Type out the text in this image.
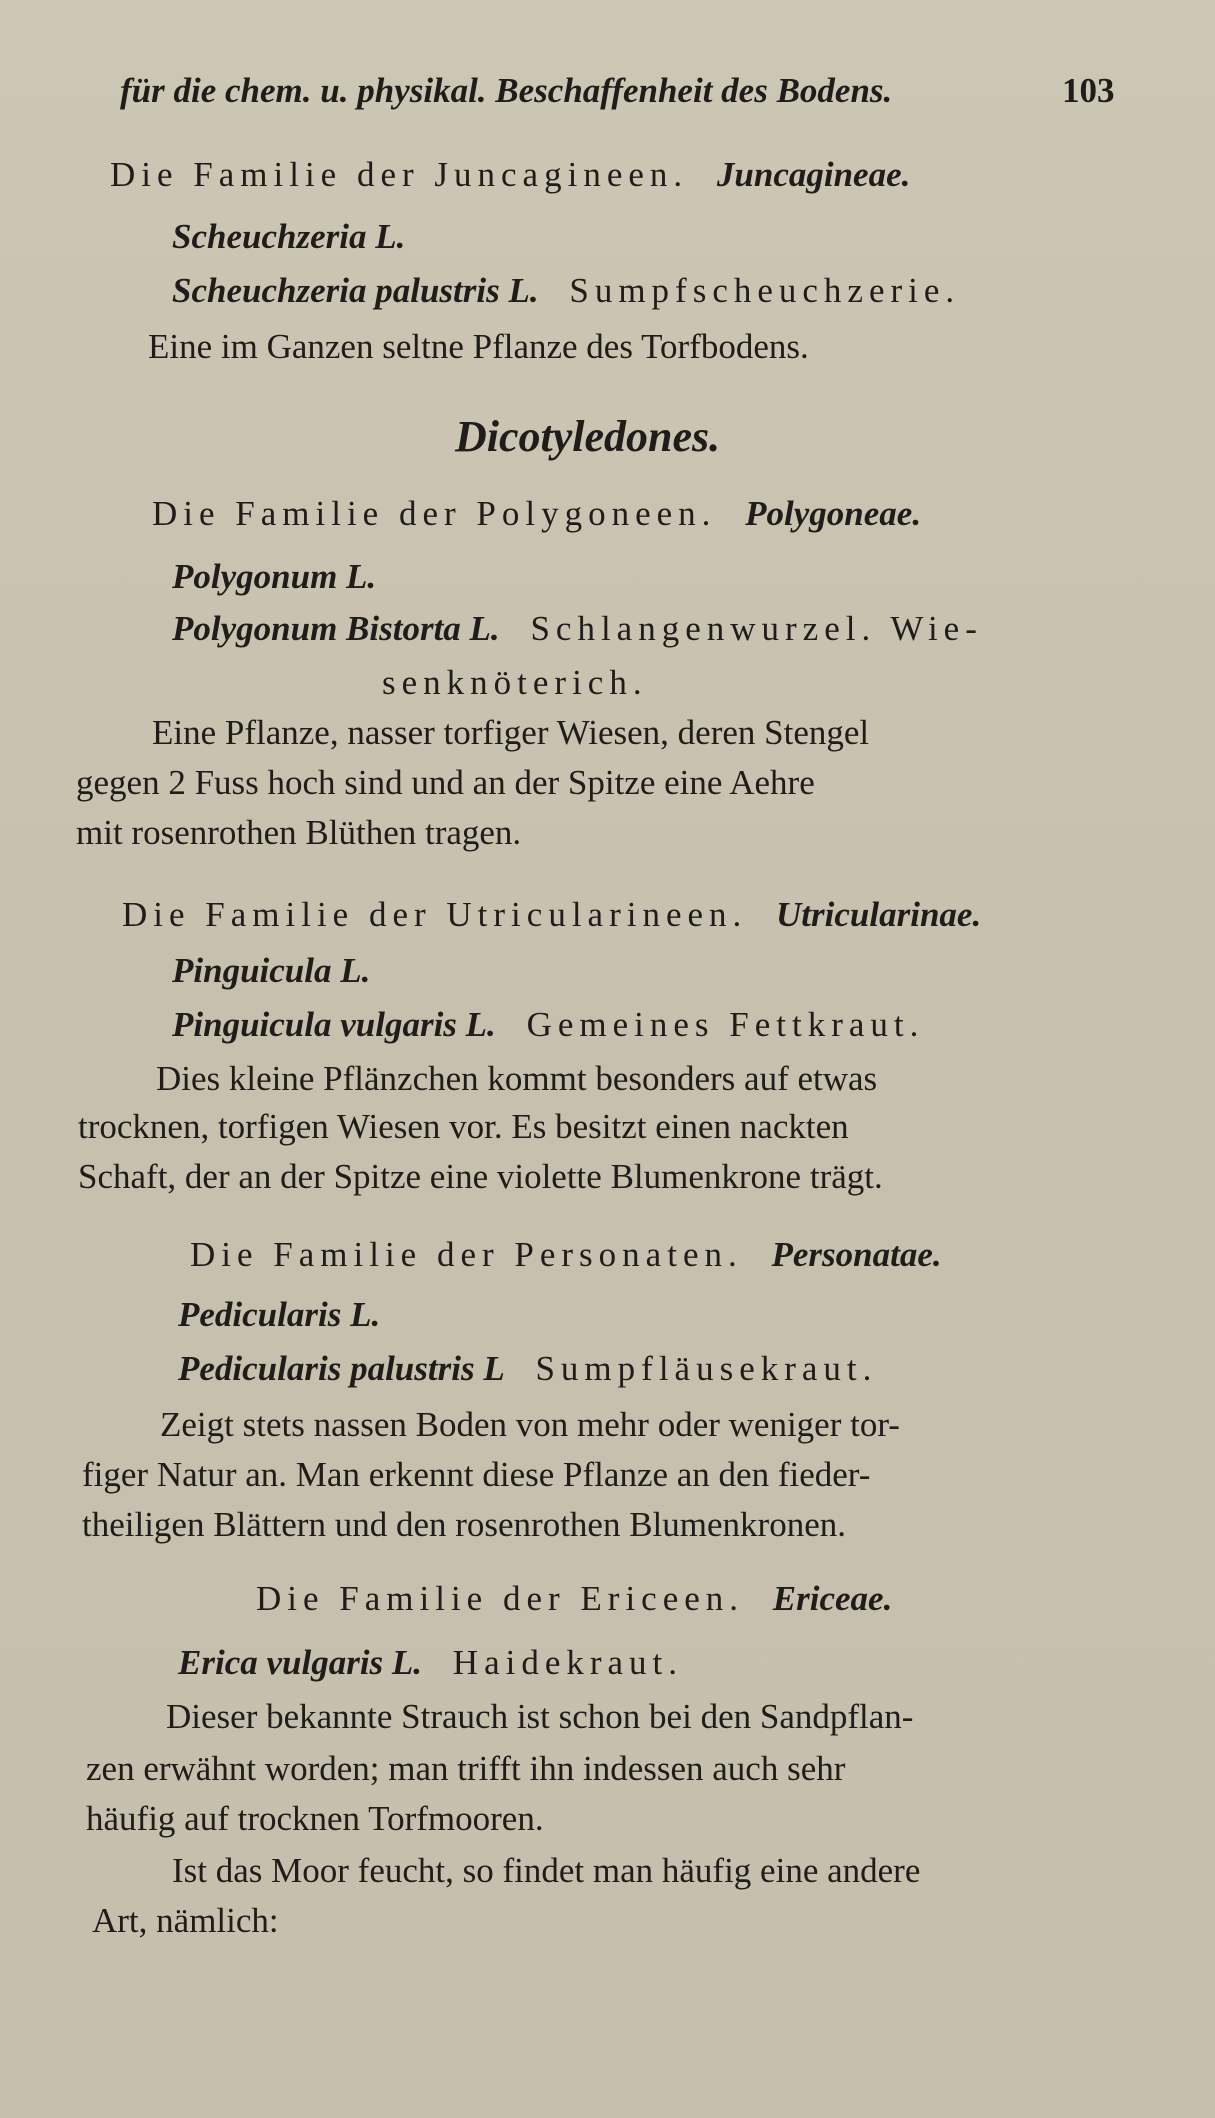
für die chem. u. physikal. Beschaffenheit des Bodens.	103
Die Familie der Juncagineen. Juncagineae.
Scheuchzeria L.
Scheuchzeria palustris L. Sumpfscheuchzerie.
Eine im Ganzen seltne Pflanze des Torfbodens.
Dicotyledones.
Die Familie der Polygoneen. Polygoneae.
Polygonum L.
Polygonum Bistorta L. Schlangenwurzel. Wie-
senknöterich.
Eine Pflanze, nasser torfiger Wiesen, deren Stengel
gegen 2 Fuss hoch sind und an der Spitze eine Aehre
mit rosenrothen Blüthen tragen.
Die Familie der Utricularineen. Utricularinae.
Pinguicula L.
Pinguicula vulgaris L. Gemeines Fettkraut.
Dies kleine Pflänzchen kommt besonders auf etwas
trocknen, torfigen Wiesen vor. Es besitzt einen nackten
Schaft, der an der Spitze eine violette Blumenkrone trägt.
Die Familie der Personaten. Personatae.
Pedicularis L.
Pedicularis palustris L Sumpfläusekraut.
Zeigt stets nassen Boden von mehr oder weniger tor-
figer Natur an. Man erkennt diese Pflanze an den fieder-
theiligen Blättern und den rosenrothen Blumenkronen.
Die Familie der Ericeen. Ericeae.
Erica vulgaris L. Haidekraut.
Dieser bekannte Strauch ist schon bei den Sandpflan-
zen erwähnt worden; man trifft ihn indessen auch sehr
häufig auf trocknen Torfmooren.
Ist das Moor feucht, so findet man häufig eine andere
Art, nämlich:
